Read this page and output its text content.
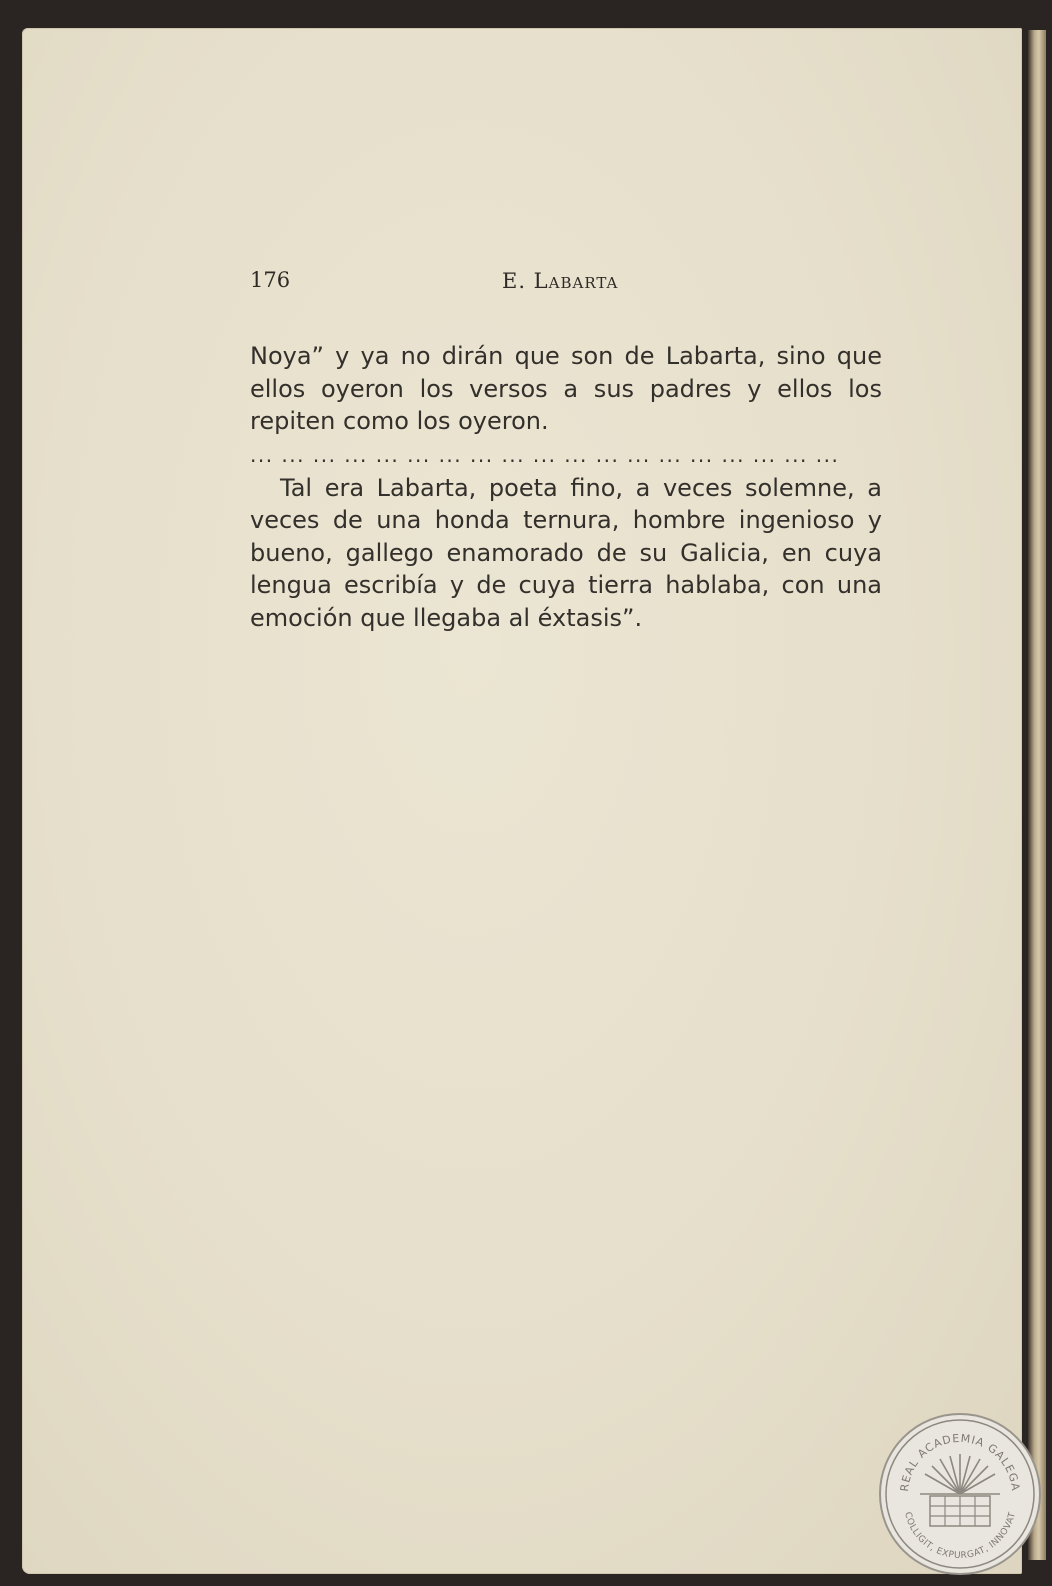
176	E. Labarta

Noya” y ya no dirán que son de Labarta, sino que ellos oyeron los versos a sus padres y ellos los repiten como los oyeron.

... ... ... ... ... ... ... ... ... ... ... ... ... ... ... ... ... ... ...

Tal era Labarta, poeta fino, a veces solemne, a veces de una honda ternura, hombre ingenioso y bueno, gallego enamorado de su Galicia, en cuya lengua escribía y de cuya tierra hablaba, con una emoción que llegaba al éxtasis”.

REAL ACADEMIA GALEGA
COLLIGIT, EXPURGAT, INNOVAT
